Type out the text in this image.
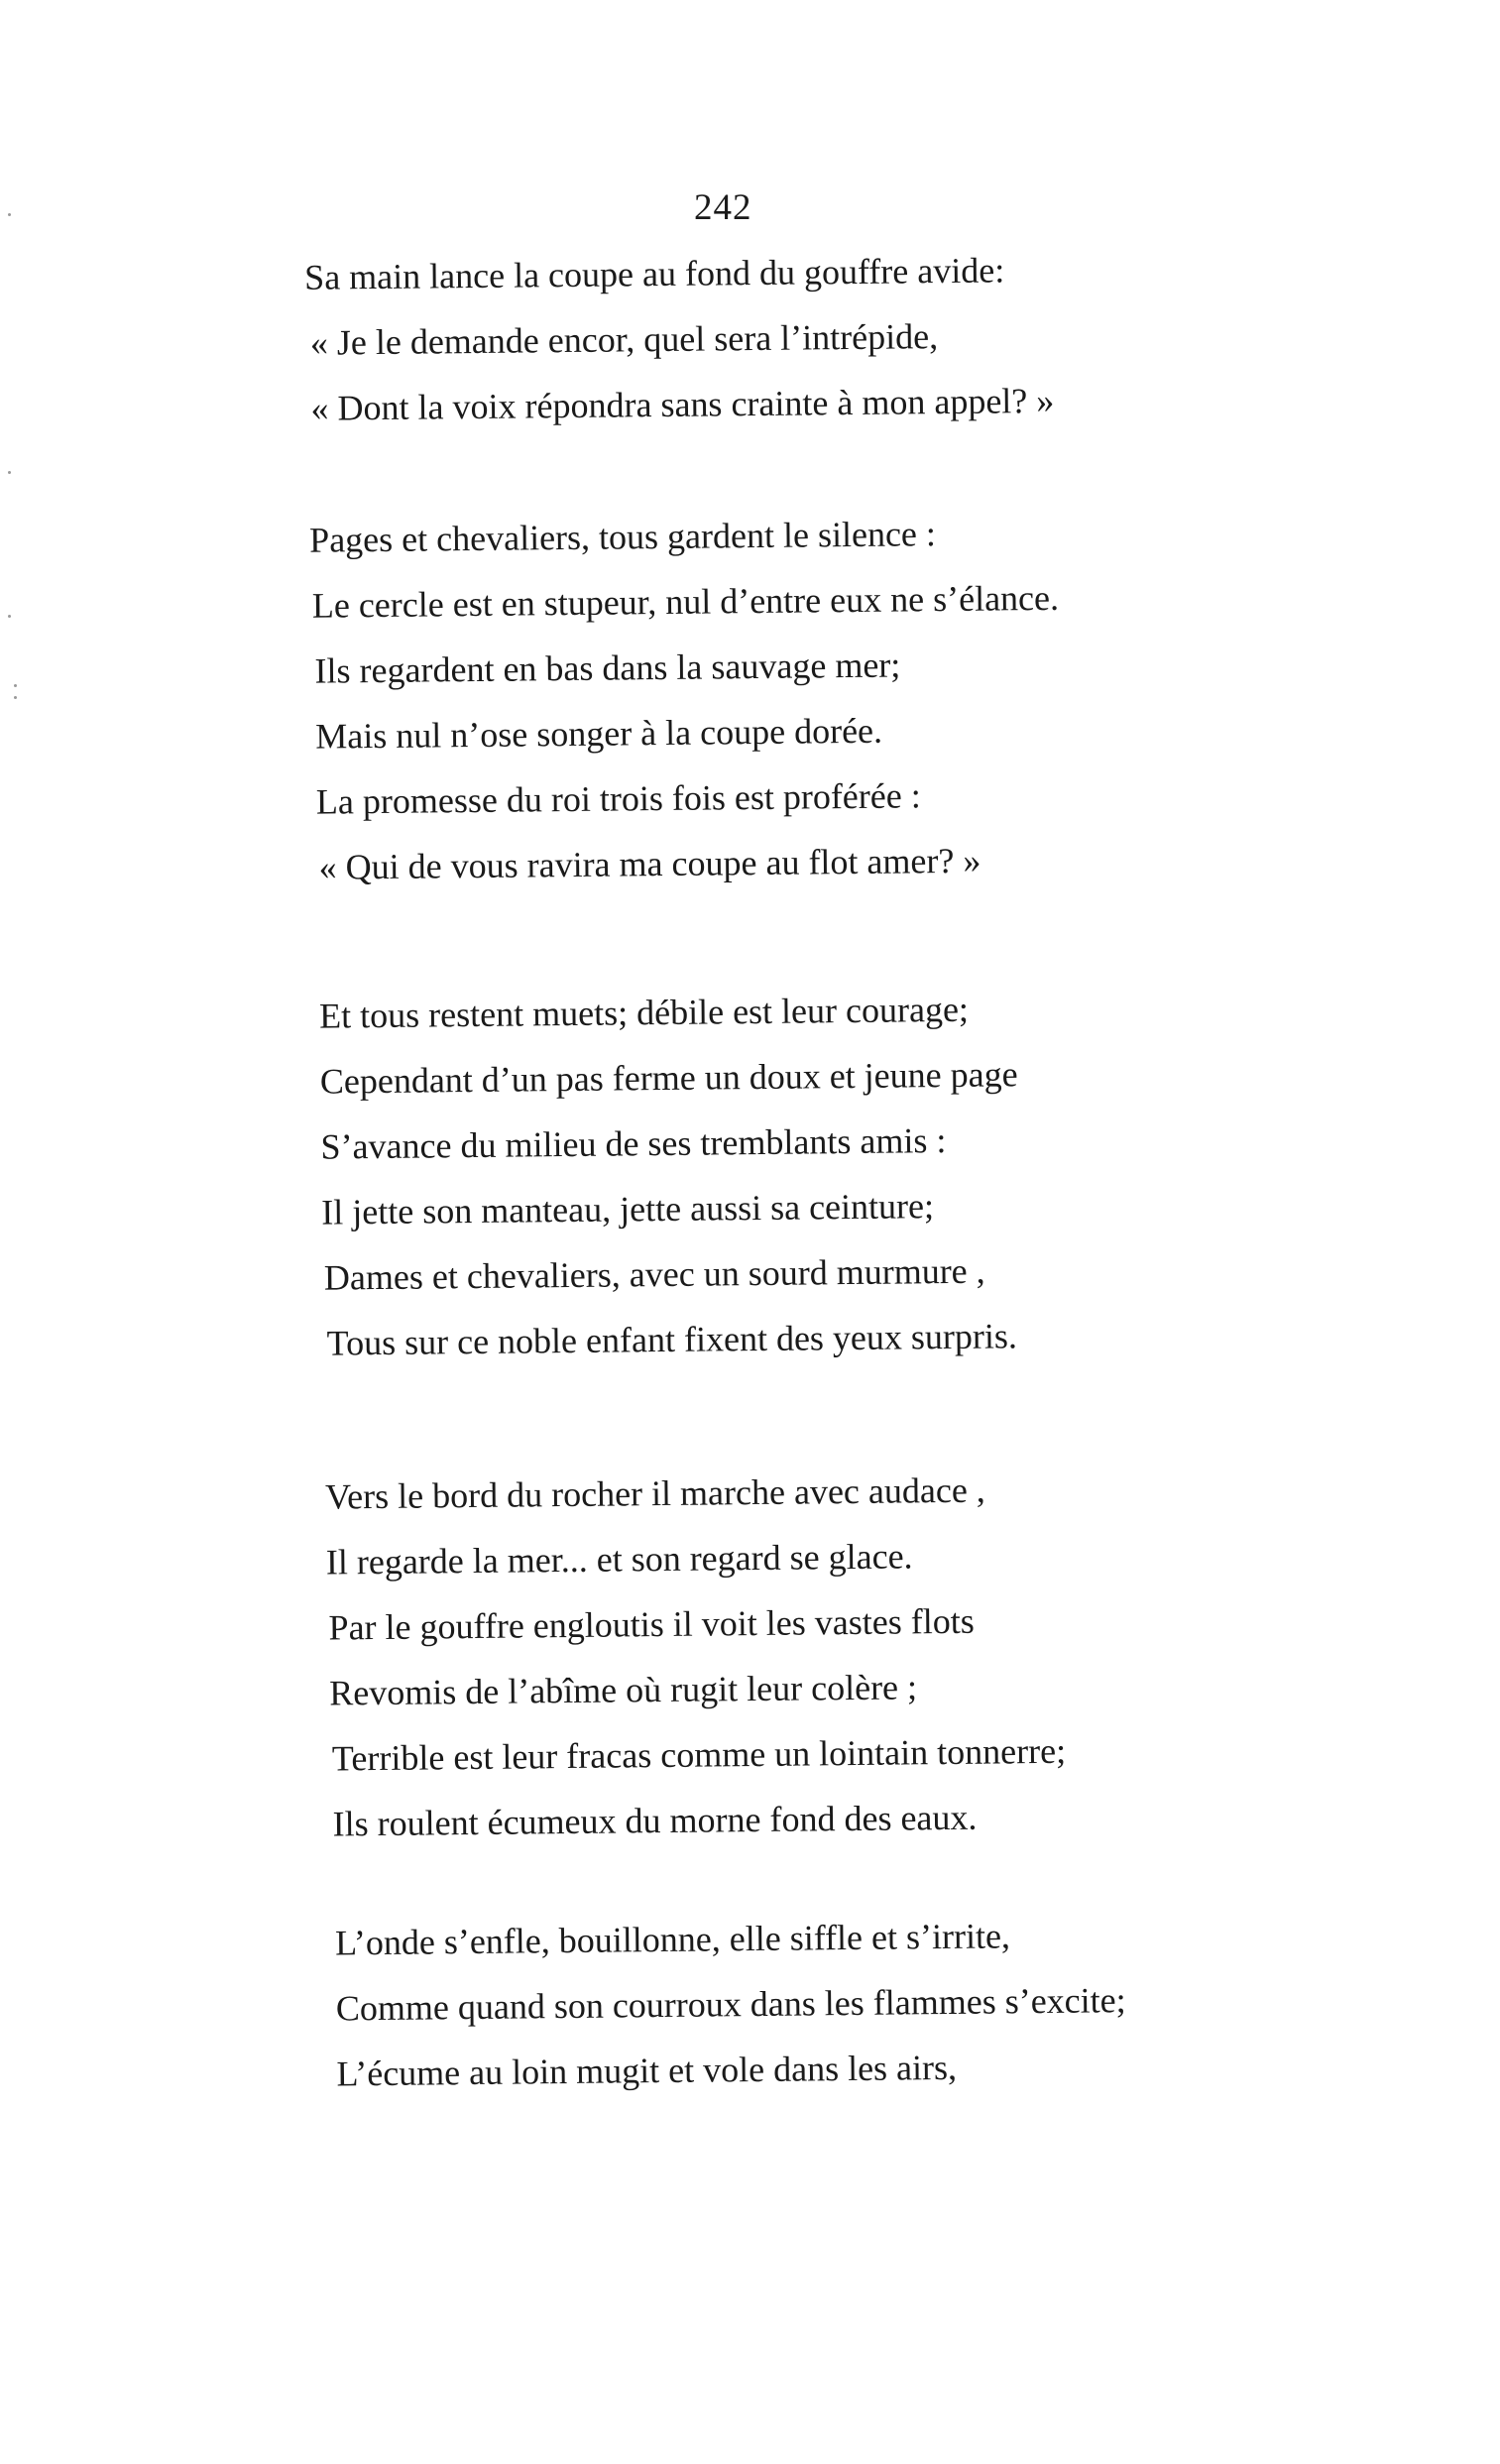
242
Sa main lance la coupe au fond du gouffre avide:
« Je le demande encor, quel sera l’intrépide,
« Dont la voix répondra sans crainte à mon appel? »
Pages et chevaliers, tous gardent le silence :
Le cercle est en stupeur, nul d’entre eux ne s’élance.
Ils regardent en bas dans la sauvage mer;
Mais nul n’ose songer à la coupe dorée.
La promesse du roi trois fois est proférée :
« Qui de vous ravira ma coupe au flot amer? »
Et tous restent muets; débile est leur courage;
Cependant d’un pas ferme un doux et jeune page
S’avance du milieu de ses tremblants amis :
Il jette son manteau, jette aussi sa ceinture;
Dames et chevaliers, avec un sourd murmure ,
Tous sur ce noble enfant fixent des yeux surpris.
Vers le bord du rocher il marche avec audace ,
Il regarde la mer... et son regard se glace.
Par le gouffre engloutis il voit les vastes flots
Revomis de l’abîme où rugit leur colère ;
Terrible est leur fracas comme un lointain tonnerre;
Ils roulent écumeux du morne fond des eaux.
L’onde s’enfle, bouillonne, elle siffle et s’irrite,
Comme quand son courroux dans les flammes s’excite;
L’écume au loin mugit et vole dans les airs,
